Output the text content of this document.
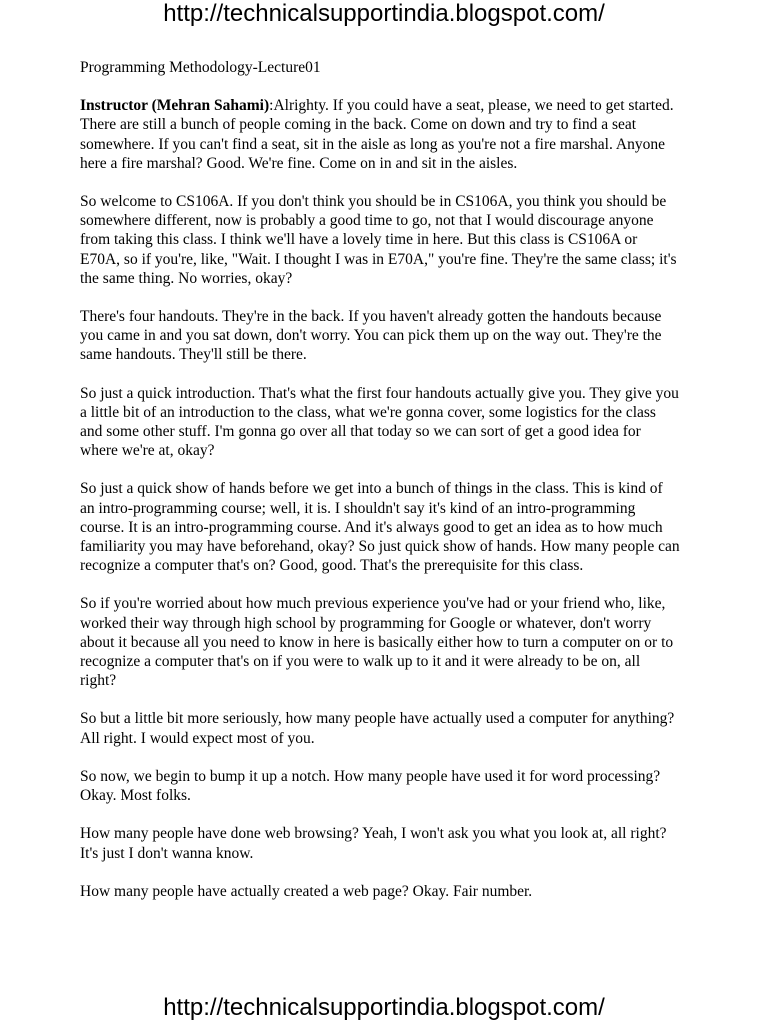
http://technicalsupportindia.blogspot.com/
Programming Methodology-Lecture01

Instructor (Mehran Sahami):Alrighty. If you could have a seat, please, we need to get started. There are still a bunch of people coming in the back. Come on down and try to find a seat somewhere. If you can't find a seat, sit in the aisle as long as you're not a fire marshal. Anyone here a fire marshal? Good. We're fine. Come on in and sit in the aisles.

So welcome to CS106A. If you don't think you should be in CS106A, you think you should be somewhere different, now is probably a good time to go, not that I would discourage anyone from taking this class. I think we'll have a lovely time in here. But this class is CS106A or E70A, so if you're, like, "Wait. I thought I was in E70A," you're fine. They're the same class; it's the same thing. No worries, okay?

There's four handouts. They're in the back. If you haven't already gotten the handouts because you came in and you sat down, don't worry. You can pick them up on the way out. They're the same handouts. They'll still be there.

So just a quick introduction. That's what the first four handouts actually give you. They give you a little bit of an introduction to the class, what we're gonna cover, some logistics for the class and some other stuff. I'm gonna go over all that today so we can sort of get a good idea for where we're at, okay?

So just a quick show of hands before we get into a bunch of things in the class. This is kind of an intro-programming course; well, it is. I shouldn't say it's kind of an intro-programming course. It is an intro-programming course. And it's always good to get an idea as to how much familiarity you may have beforehand, okay? So just quick show of hands. How many people can recognize a computer that's on? Good, good. That's the prerequisite for this class.

So if you're worried about how much previous experience you've had or your friend who, like, worked their way through high school by programming for Google or whatever, don't worry about it because all you need to know in here is basically either how to turn a computer on or to recognize a computer that's on if you were to walk up to it and it were already to be on, all right?

So but a little bit more seriously, how many people have actually used a computer for anything? All right. I would expect most of you.

So now, we begin to bump it up a notch. How many people have used it for word processing? Okay. Most folks.

How many people have done web browsing? Yeah, I won't ask you what you look at, all right? It's just I don't wanna know.

How many people have actually created a web page? Okay. Fair number.

http://technicalsupportindia.blogspot.com/
